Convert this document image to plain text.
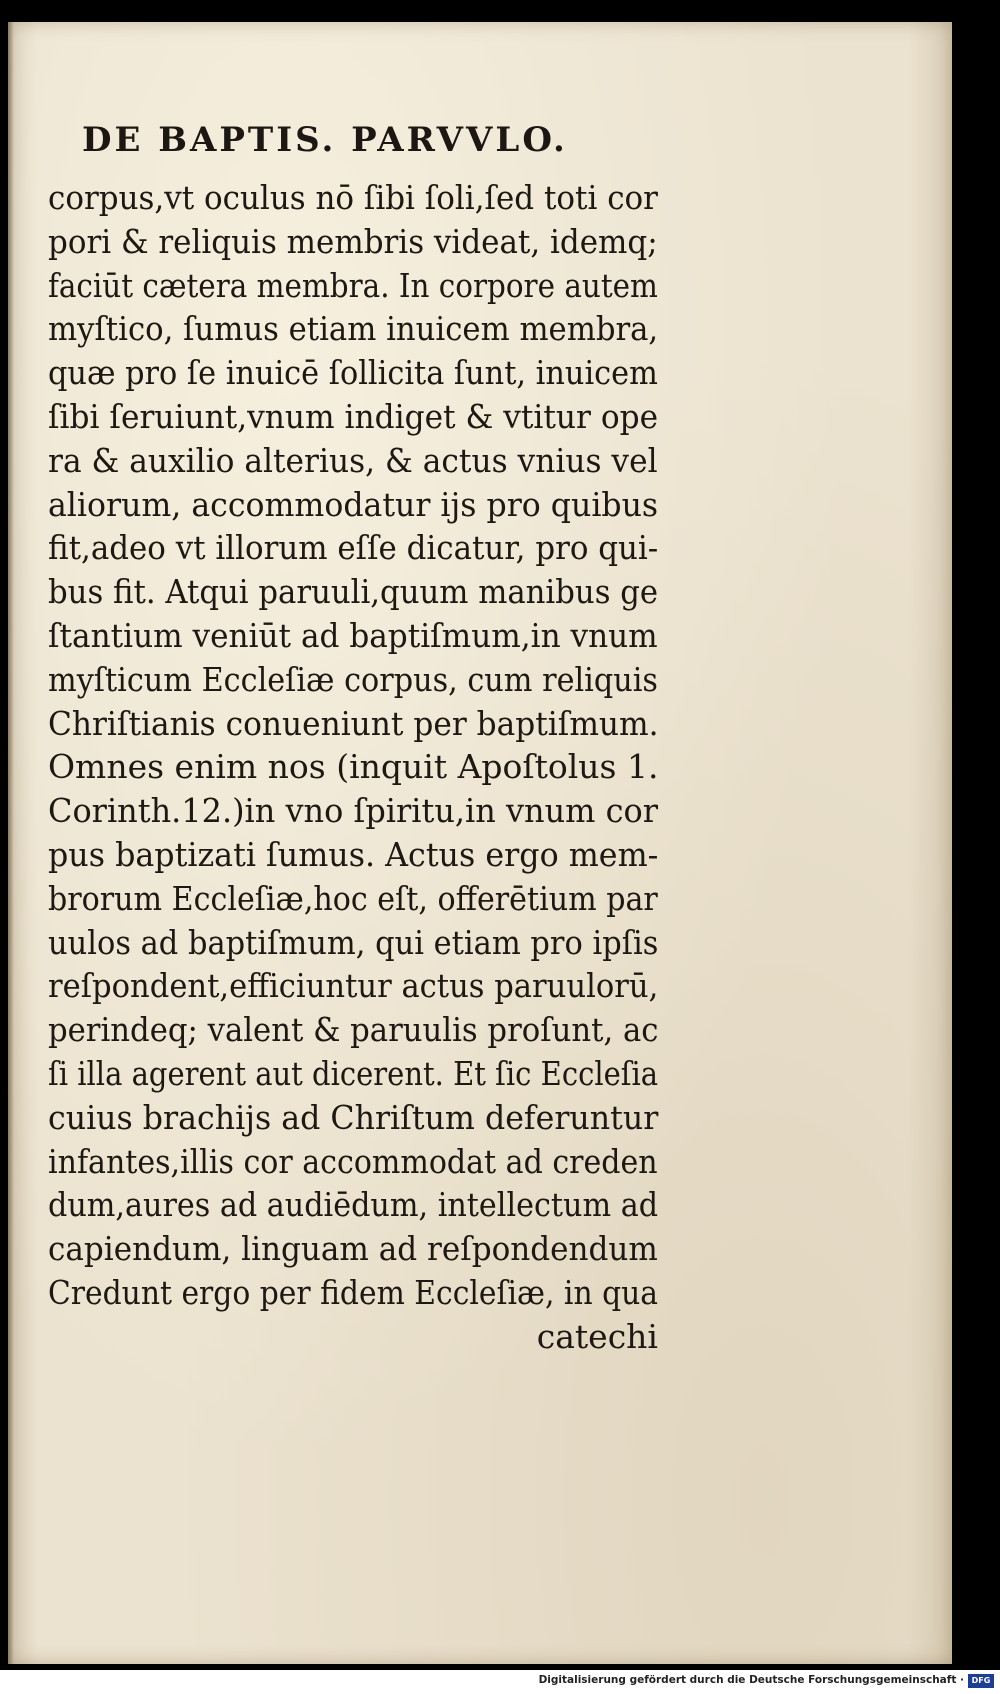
DE BAPTIS. PARVVLO.
corpus,vt oculus nō ſibi ſoli,ſed toti cor
pori & reliquis membris videat, idemq;
faciūt cætera membra. In corpore autem
myſtico, ſumus etiam inuicem membra,
quæ pro ſe inuicē ſollicita ſunt, inuicem
ſibi ſeruiunt,vnum indiget & vtitur ope
ra & auxilio alterius, & actus vnius vel
aliorum, accommodatur ijs pro quibus
fit,adeo vt illorum eſſe dicatur, pro qui-
bus fit. Atqui paruuli,quum manibus ge
ſtantium veniūt ad baptiſmum,in vnum
myſticum Eccleſiæ corpus, cum reliquis
Chriſtianis conueniunt per baptiſmum.
Omnes enim nos (inquit Apoſtolus 1.
Corinth.12.)in vno ſpiritu,in vnum cor
pus baptizati ſumus. Actus ergo mem-
brorum Eccleſiæ,hoc eſt, offerētium par
uulos ad baptiſmum, qui etiam pro ipſis
reſpondent,efficiuntur actus paruulorū,
perindeq; valent & paruulis proſunt, ac
ſi illa agerent aut dicerent. Et ſic Eccleſia
cuius brachijs ad Chriſtum deferuntur
infantes,illis cor accommodat ad creden
dum,aures ad audiēdum, intellectum ad
capiendum, linguam ad reſpondendum
Credunt ergo per fidem Eccleſiæ, in qua
catechi
Digitalisierung gefördert durch die Deutsche Forschungsgemeinschaft · DFG
